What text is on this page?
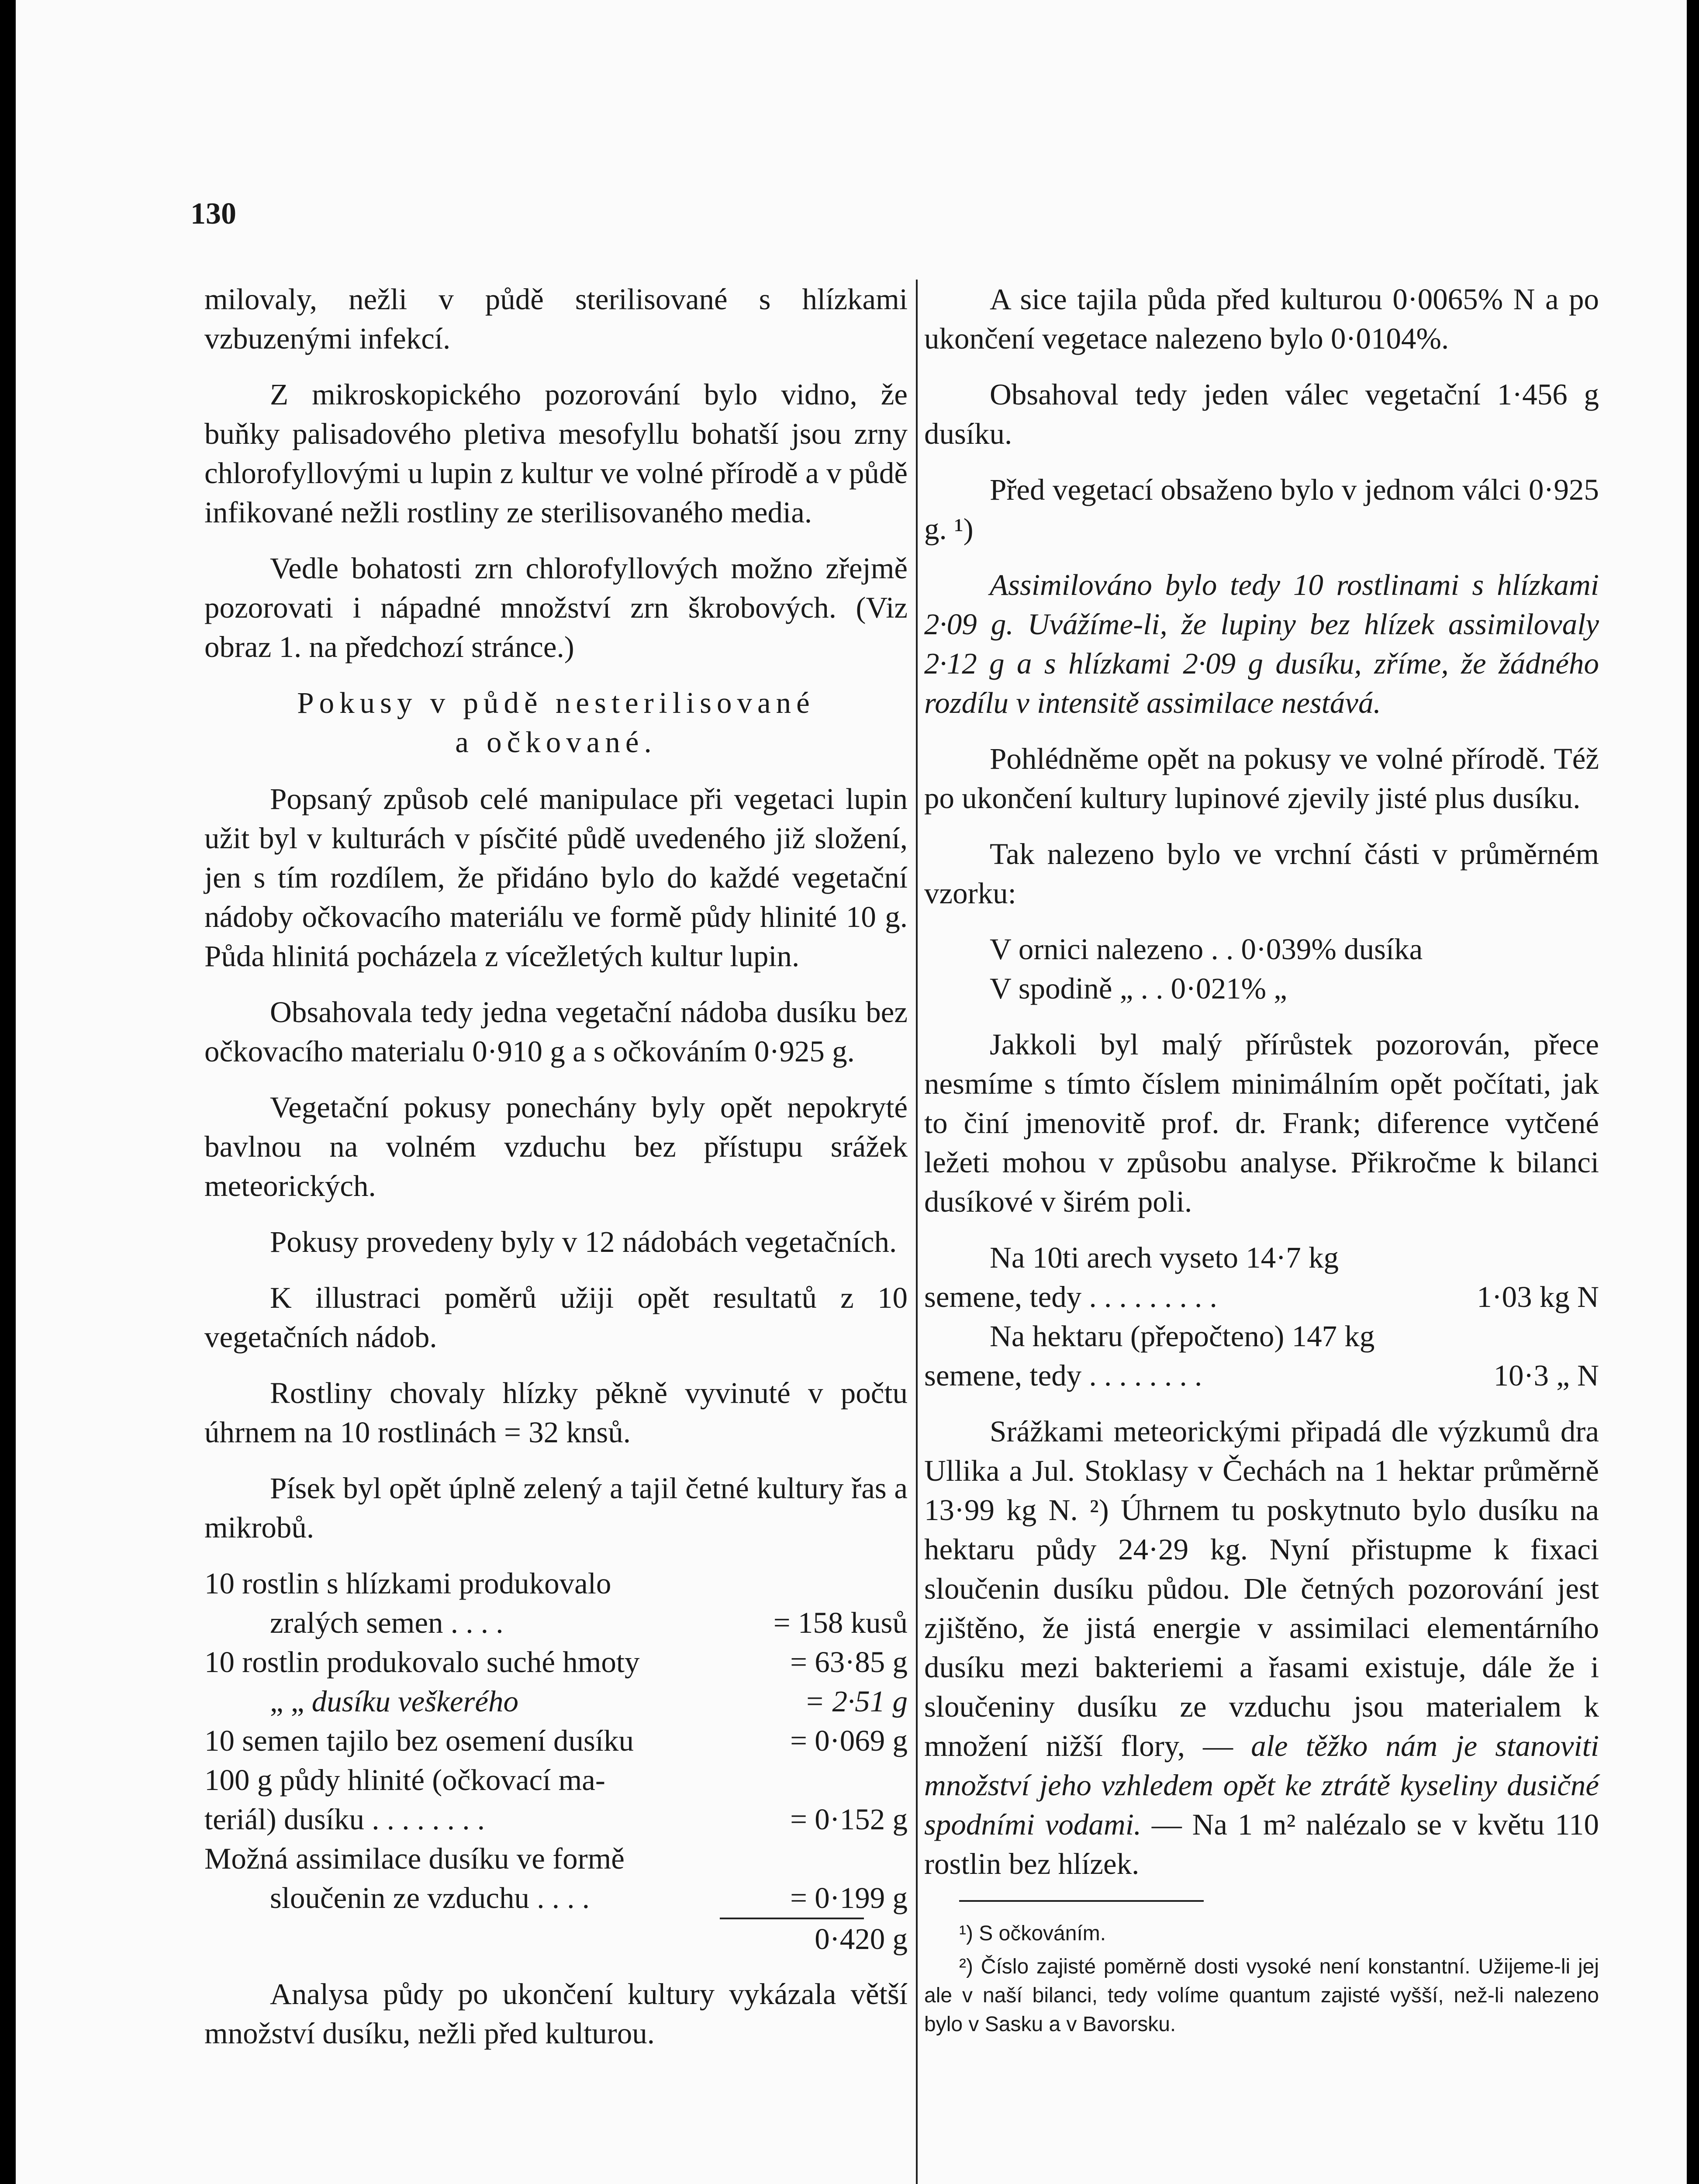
130

milovaly, nežli v půdě sterilisované s hlízkami vzbuzenými infekcí.

Z mikroskopického pozorování bylo vidno, že buňky palisadového pletiva mesofyllu bohatší jsou zrny chlorofyllovými u lupin z kultur ve volné přírodě a v půdě infikované nežli rostliny ze sterilisovaného media.

Vedle bohatosti zrn chlorofyllových možno zřejmě pozorovati i nápadné množství zrn škrobových. (Viz obraz 1. na předchozí stránce.)

Pokusy v půdě nesterilisované
a očkované.

Popsaný způsob celé manipulace při vegetaci lupin užit byl v kulturách v písčité půdě uvedeného již složení, jen s tím rozdílem, že přidáno bylo do každé vegetační nádoby očkovacího materiálu ve formě půdy hlinité 10 g. Půda hlinitá pocházela z vícežletých kultur lupin.

Obsahovala tedy jedna vegetační nádoba dusíku bez očkovacího materialu 0·910 g a s očkováním 0·925 g.

Vegetační pokusy ponechány byly opět nepokryté bavlnou na volném vzduchu bez přístupu srážek meteorických.

Pokusy provedeny byly v 12 nádobách vegetačních.

K illustraci poměrů užiji opět resultatů z 10 vegetačních nádob.

Rostliny chovaly hlízky pěkně vyvinuté v počtu úhrnem na 10 rostlinách = 32 knsů.

Písek byl opět úplně zelený a tajil četné kultury řas a mikrobů.

10 rostlin s hlízkami produkovalo
zralých semen . . . .	= 158 kusů
10 rostlin produkovalo suché hmoty	= 63·85 g
„ „ dusíku veškerého	= 2·51 g
10 semen tajilo bez osemení dusíku	= 0·069 g
100 g půdy hlinité (očkovací ma-
teriál) dusíku . . . . . . . .	= 0·152 g
Možná assimilace dusíku ve formě
sloučenin ze vzduchu . . . .	= 0·199 g
0·420 g

Analysa půdy po ukončení kultury vykázala větší množství dusíku, nežli před kulturou.

A sice tajila půda před kulturou 0·0065% N a po ukončení vegetace nalezeno bylo 0·0104%.

Obsahoval tedy jeden válec vegetační 1·456 g dusíku.

Před vegetací obsaženo bylo v jednom válci 0·925 g. ¹)

Assimilováno bylo tedy 10 rostlinami s hlízkami 2·09 g. Uvážíme-li, že lupiny bez hlízek assimilovaly 2·12 g a s hlízkami 2·09 g dusíku, zříme, že žádného rozdílu v intensitě assimilace nestává.

Pohlédněme opět na pokusy ve volné přírodě. Též po ukončení kultury lupinové zjevily jisté plus dusíku.

Tak nalezeno bylo ve vrchní části v průměrném vzorku:

V ornici nalezeno . . 0·039% dusíka
V spodině „ . . 0·021% „

Jakkoli byl malý přírůstek pozorován, přece nesmíme s tímto číslem minimálním opět počítati, jak to činí jmenovitě prof. dr. Frank; diference vytčené ležeti mohou v způsobu analyse. Přikročme k bilanci dusíkové v širém poli.

Na 10ti arech vyseto 14·7 kg
semene, tedy . . . . . . . . .	1·03 kg N
Na hektaru (přepočteno) 147 kg
semene, tedy . . . . . . . .	10·3 „ N

Srážkami meteorickými připadá dle výzkumů dra Ullika a Jul. Stoklasy v Čechách na 1 hektar průměrně 13·99 kg N. ²) Úhrnem tu poskytnuto bylo dusíku na hektaru půdy 24·29 kg. Nyní přistupme k fixaci sloučenin dusíku půdou. Dle četných pozorování jest zjištěno, že jistá energie v assimilaci elementárního dusíku mezi bakteriemi a řasami existuje, dále že i sloučeniny dusíku ze vzduchu jsou materialem k množení nižší flory, — ale těžko nám je stanoviti množství jeho vzhledem opět ke ztrátě kyseliny dusičné spodními vodami. — Na 1 m² nalézalo se v květu 110 rostlin bez hlízek.

¹) S očkováním.
²) Číslo zajisté poměrně dosti vysoké není konstantní. Užijeme-li jej ale v naší bilanci, tedy volíme quantum zajisté vyšší, než-li nalezeno bylo v Sasku a v Bavorsku.
